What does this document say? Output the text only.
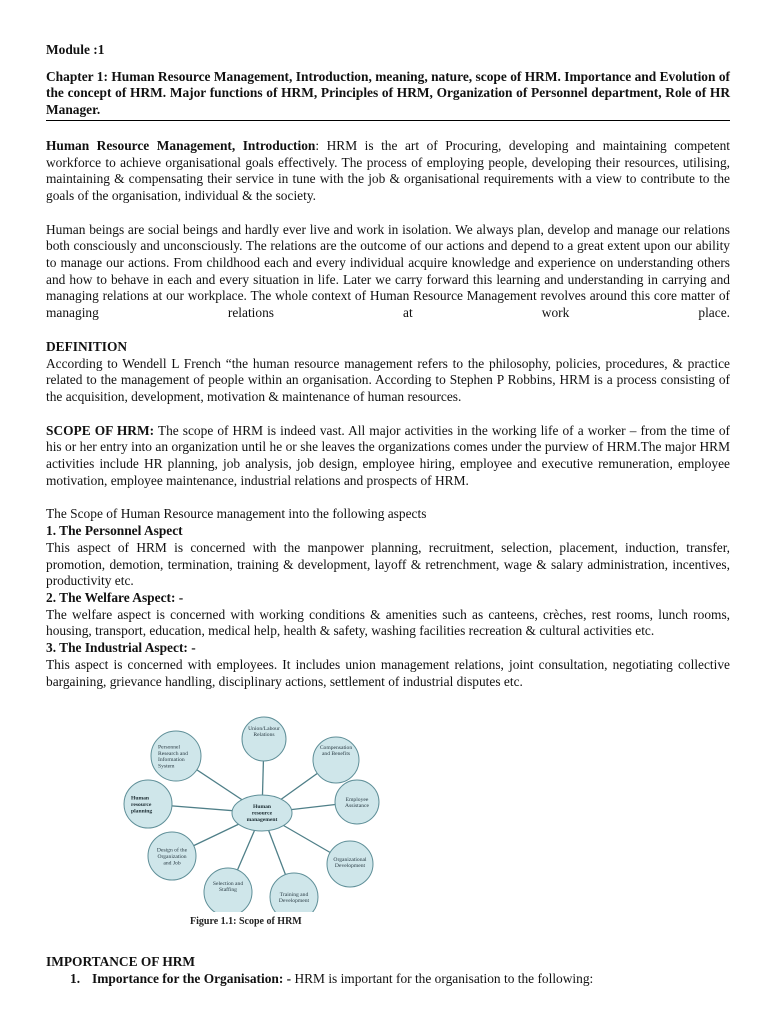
Module :1

Chapter 1: Human Resource Management, Introduction, meaning, nature, scope of HRM. Importance and Evolution of the concept of HRM. Major functions of HRM, Principles of HRM, Organization of Personnel department, Role of HR Manager.

Human Resource Management, Introduction: HRM is the art of Procuring, developing and maintaining competent workforce to achieve organisational goals effectively. The process of employing people, developing their resources, utilising, maintaining & compensating their service in tune with the job & organisational requirements with a view to contribute to the goals of the organisation, individual & the society.

Human beings are social beings and hardly ever live and work in isolation. We always plan, develop and manage our relations both consciously and unconsciously. The relations are the outcome of our actions and depend to a great extent upon our ability to manage our actions. From childhood each and every individual acquire knowledge and experience on understanding others and how to behave in each and every situation in life. Later we carry forward this learning and understanding in carrying and managing relations at our workplace. The whole context of Human Resource Management revolves around this core matter of managing relations at work place.

DEFINITION

According to Wendell L French “the human resource management refers to the philosophy, policies, procedures, & practice related to the management of people within an organisation. According to Stephen P Robbins, HRM is a process consisting of the acquisition, development, motivation & maintenance of human resources.

SCOPE OF HRM: The scope of HRM is indeed vast. All major activities in the working life of a worker – from the time of his or her entry into an organization until he or she leaves the organizations comes under the purview of HRM.The major HRM activities include HR planning, job analysis, job design, employee hiring, employee and executive remuneration, employee motivation, employee maintenance, industrial relations and prospects of HRM.

The Scope of Human Resource management into the following aspects

1. The Personnel Aspect

This aspect of HRM is concerned with the manpower planning, recruitment, selection, placement, induction, transfer, promotion, demotion, termination, training & development, layoff & retrenchment, wage & salary administration, incentives, productivity etc.

2. The Welfare Aspect: -

The welfare aspect is concerned with working conditions & amenities such as canteens, crèches, rest rooms, lunch rooms, housing, transport, education, medical help, health & safety, washing facilities recreation & cultural activities etc.

3. The Industrial Aspect: -

This aspect is concerned with employees. It includes union management relations, joint consultation, negotiating collective bargaining, grievance handling, disciplinary actions, settlement of industrial disputes etc.

Union/Labour
Relations
Compensation
and Benefits
Employee
Assistance
Organizational
Development
Training and
Development
Selection and
Staffing
Design of the
Organization
and Job
Human
resource
planning
Personnel
Research and
Information
System
Human
resource
management
Figure 1.1: Scope of HRM

IMPORTANCE OF HRM

1. Importance for the Organisation: - HRM is important for the organisation to the following:
